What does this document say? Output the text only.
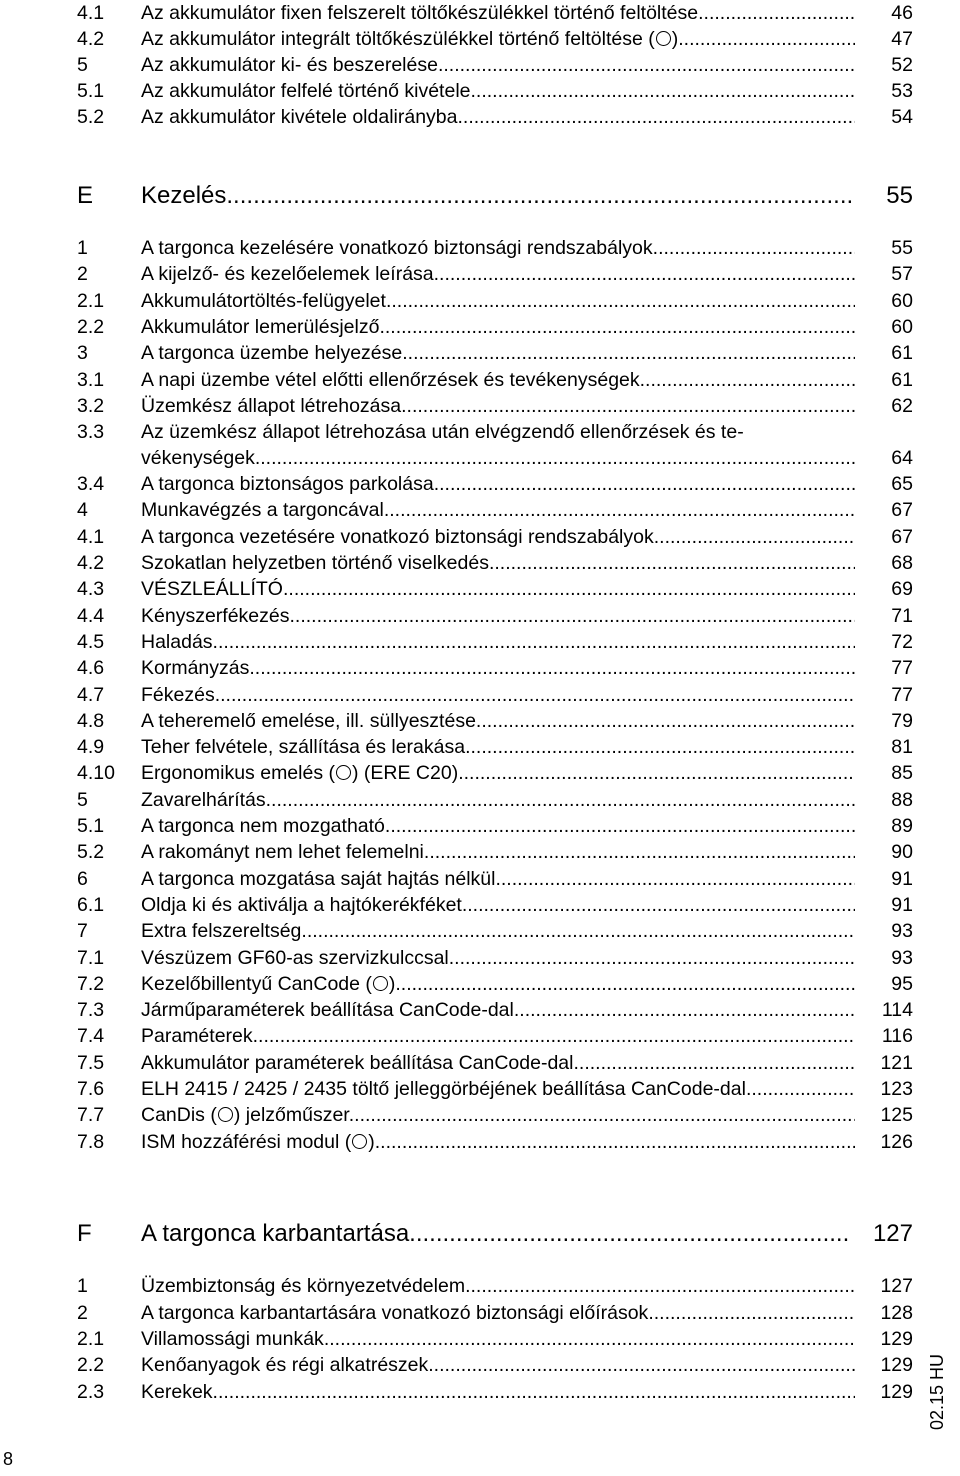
4.1 Az akkumulátor fixen felszerelt töltőkészülékkel történő feltöltése .....	46
4.2 Az akkumulátor integrált töltőkészülékkel történő feltöltése ( ) .....	47
5	Az akkumulátor ki- és beszerelése .....	52
5.1 Az akkumulátor felfelé történő kivétele .....	53
5.2 Az akkumulátor kivétele oldalirányba .....	54
E Kezelés .....	55
1	A targonca kezelésére vonatkozó biztonsági rendszabályok .....	55
2	A kijelző- és kezelőelemek leírása .....	57
2.1 Akkumulátortöltés-felügyelet .....	60
2.2 Akkumulátor lemerülésjelző .....	60
3	A targonca üzembe helyezése .....	61
3.1 A napi üzembe vétel előtti ellenőrzések és tevékenységek .....	61
3.2 Üzemkész állapot létrehozása .....	62
3.3 Az üzemkész állapot létrehozása után elvégzendő ellenőrzések és te-
vékenységek .....	64
3.4 A targonca biztonságos parkolása .....	65
4	Munkavégzés a targoncával .....	67
4.1 A targonca vezetésére vonatkozó biztonsági rendszabályok .....	67
4.2 Szokatlan helyzetben történő viselkedés .....	68
4.3 VÉSZLEÁLLÍTÓ .....	69
4.4 Kényszerfékezés .....	71
4.5 Haladás .....	72
4.6 Kormányzás .....	77
4.7 Fékezés .....	77
4.8 A teheremelő emelése, ill. süllyesztése .....	79
4.9 Teher felvétele, szállítása és lerakása .....	81
4.10 Ergonomikus emelés ( ) (ERE C20) .....	85
5	Zavarelhárítás .....	88
5.1 A targonca nem mozgatható .....	89
5.2 A rakományt nem lehet felemelni .....	90
6	A targonca mozgatása saját hajtás nélkül .....	91
6.1 Oldja ki és aktiválja a hajtókerékféket .....	91
7	Extra felszereltség .....	93
7.1 Vészüzem GF60-as szervizkulccsal .....	93
7.2 Kezelőbillentyű CanCode ( ) .....	95
7.3 Járműparaméterek beállítása CanCode-dal .....	114
7.4 Paraméterek .....	116
7.5 Akkumulátor paraméterek beállítása CanCode-dal .....	121
7.6 ELH 2415 / 2425 / 2435 töltő jelleggörbéjének beállítása CanCode-dal .....	123
7.7 CanDis ( ) jelzőműszer .....	125
7.8 ISM hozzáférési modul ( ) .....	126
F A targonca karbantartása .....	127
1	Üzembiztonság és környezetvédelem .....	127
2	A targonca karbantartására vonatkozó biztonsági előírások .....	128
2.1 Villamossági munkák .....	129
2.2 Kenőanyagok és régi alkatrészek .....	129
2.3 Kerekek .....	129 02.15 HU
8
